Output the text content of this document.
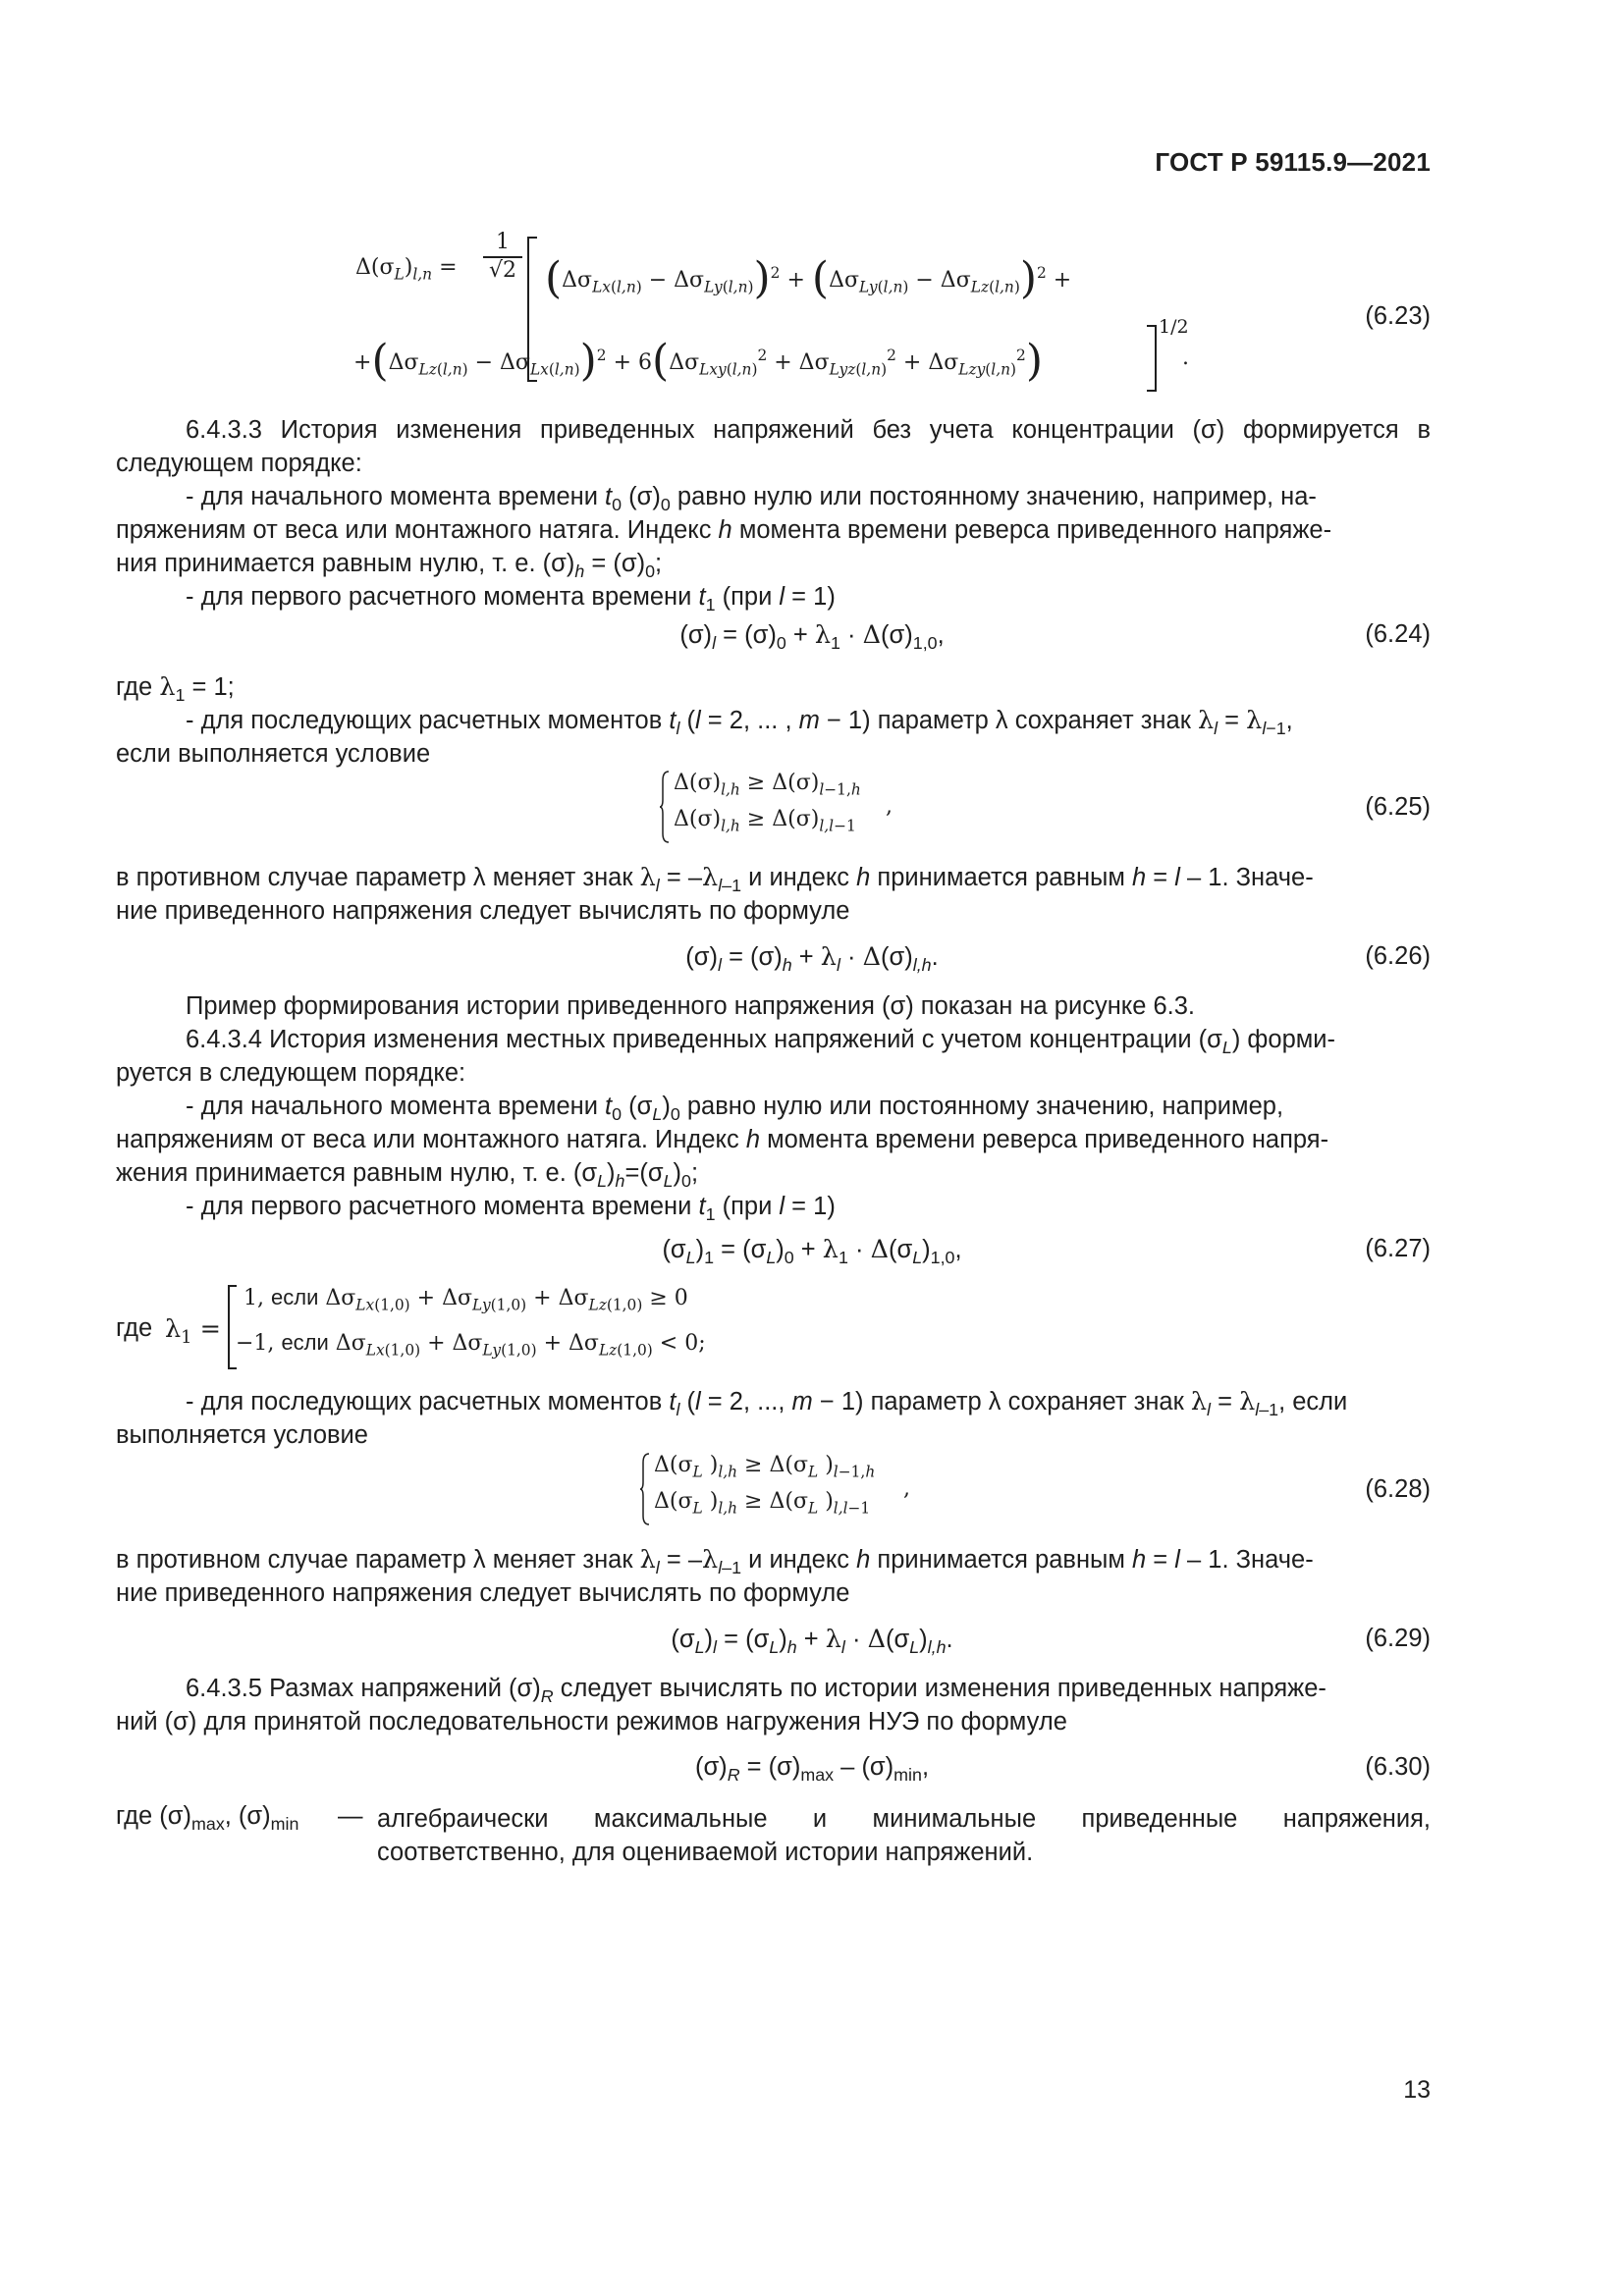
ГОСТ Р 59115.9—2021
$\Delta(\sigma_L)_{l,n}$ =
1
√2 $(\Delta\sigma_{Lx(l,n)} - \Delta\sigma_{Ly(l,n)})^2 + (\Delta\sigma_{Ly(l,n)} - \Delta\sigma_{Lz(l,n)})^2$ +
$+(\Delta\sigma_{Lz(l,n)} - \Delta\sigma_{Lx(l,n)})^2 + 6(\Delta\sigma_{Lxy(l,n)}^2 + \Delta\sigma_{Lyz(l,n)}^2 + \Delta\sigma_{Lzy(l,n)}^2)$
1/2
.
(6.23)
6.4.3.3 История изменения приведенных напряжений без учета концентрации (σ) формируется в следующем порядке:
- для начального момента времени $t_0$ $(\sigma)_0$ равно нулю или постоянному значению, например, на-
пряжениям от веса или монтажного натяга. Индекс h момента времени реверса приведенного напряже-
ния принимается равным нулю, т. е. $(\sigma)_h = (\sigma)_0$;
- для первого расчетного момента времени $t_1$ (при l = 1)
$(\sigma)_l = (\sigma)_0 + \lambda_1 \cdot \Delta(\sigma)_{1,0}$,	(6.24)
где $\lambda_1 = 1$;
- для последующих расчетных моментов $t_l$ (l = 2, ... , m − 1) параметр λ сохраняет знак $\lambda_l = \lambda_{l-1}$,
если выполняется условие
$\Delta(\sigma)_{l,h} \ge \Delta(\sigma)_{l-1,h}$
$\Delta(\sigma)_{l,h} \ge \Delta(\sigma)_{l,l-1}$
,	(6.25)
в противном случае параметр λ меняет знак $\lambda_l = -\lambda_{l-1}$ и индекс h принимается равным h = l – 1. Значе-
ние приведенного напряжения следует вычислять по формуле
$(\sigma)_l = (\sigma)_h + \lambda_l \cdot \Delta(\sigma)_{l,h}$.	(6.26)
Пример формирования истории приведенного напряжения (σ) показан на рисунке 6.3.
6.4.3.4 История изменения местных приведенных напряжений с учетом концентрации $(\sigma_L)$ форми-
руется в следующем порядке:
- для начального момента времени $t_0$ $(\sigma_L)_0$ равно нулю или постоянному значению, например,
напряжениям от веса или монтажного натяга. Индекс h момента времени реверса приведенного напря-
жения принимается равным нулю, т. е. $(\sigma_L)_h=(\sigma_L)_0$;
- для первого расчетного момента времени $t_1$ (при l = 1)
$(\sigma_L)_1 = (\sigma_L)_0 + \lambda_1 \cdot \Delta(\sigma_L)_{1,0}$,	(6.27)
где $\lambda_1$ =
1, если $\Delta\sigma_{Lx(1,0)} + \Delta\sigma_{Ly(1,0)} + \Delta\sigma_{Lz(1,0)} \ge 0$
−1, если $\Delta\sigma_{Lx(1,0)} + \Delta\sigma_{Ly(1,0)} + \Delta\sigma_{Lz(1,0)} < 0$;
- для последующих расчетных моментов $t_l$ (l = 2, ..., m − 1) параметр λ сохраняет знак $\lambda_l = \lambda_{l-1}$, если
выполняется условие
$\Delta(\sigma_L$ )$_{l,h} \ge \Delta(\sigma_L$ )$_{l-1,h}$
$\Delta(\sigma_L$ )$_{l,h} \ge \Delta(\sigma_L$ )$_{l,l-1}$
,	(6.28)
в противном случае параметр λ меняет знак $\lambda_l = -\lambda_{l-1}$ и индекс h принимается равным h = l – 1. Значе-
ние приведенного напряжения следует вычислять по формуле
$(\sigma_L)_l = (\sigma_L)_h + \lambda_l \cdot \Delta(\sigma_L)_{l,h}$.	(6.29)
6.4.3.5 Размах напряжений $(\sigma)_R$ следует вычислять по истории изменения приведенных напряже-
ний (σ) для принятой последовательности режимов нагружения НУЭ по формуле
$(\sigma)_R = (\sigma)_{max} - (\sigma)_{min}$,	(6.30)
где $(\sigma)_{max}$, $(\sigma)_{min}$ — алгебраически максимальные и минимальные приведенные напряжения, соответственно, для оцениваемой истории напряжений.
13
